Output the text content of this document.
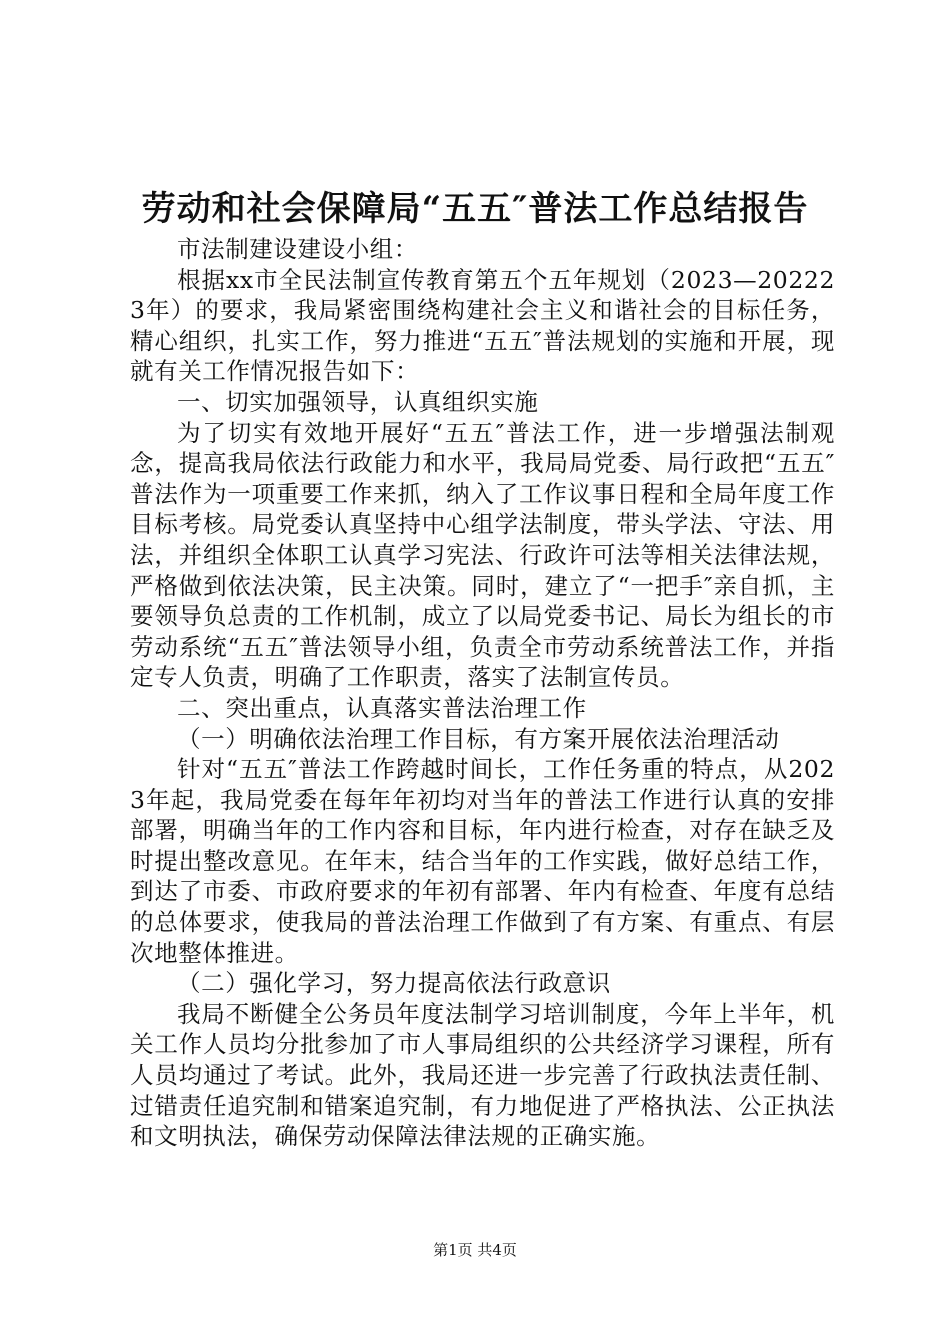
劳动和社会保障局“五五″普法工作总结报告

市法制建设建设小组：

根据xx市全民法制宣传教育第五个五年规划（2023—202223年）的要求，我局紧密围绕构建社会主义和谐社会的目标任务，精心组织，扎实工作，努力推进“五五″普法规划的实施和开展，现就有关工作情况报告如下：

一、切实加强领导，认真组织实施

为了切实有效地开展好“五五″普法工作，进一步增强法制观念，提高我局依法行政能力和水平，我局局党委、局行政把“五五″普法作为一项重要工作来抓，纳入了工作议事日程和全局年度工作目标考核。局党委认真坚持中心组学法制度，带头学法、守法、用法，并组织全体职工认真学习宪法、行政许可法等相关法律法规，严格做到依法决策，民主决策。同时，建立了“一把手″亲自抓，主要领导负总责的工作机制，成立了以局党委书记、局长为组长的市劳动系统“五五″普法领导小组，负责全市劳动系统普法工作，并指定专人负责，明确了工作职责，落实了法制宣传员。

二、突出重点，认真落实普法治理工作

（一）明确依法治理工作目标，有方案开展依法治理活动

针对“五五″普法工作跨越时间长，工作任务重的特点，从2023年起，我局党委在每年年初均对当年的普法工作进行认真的安排部署，明确当年的工作内容和目标，年内进行检查，对存在缺乏及时提出整改意见。在年末，结合当年的工作实践，做好总结工作，到达了市委、市政府要求的年初有部署、年内有检查、年度有总结的总体要求，使我局的普法治理工作做到了有方案、有重点、有层次地整体推进。

（二）强化学习，努力提高依法行政意识

我局不断健全公务员年度法制学习培训制度，今年上半年，机关工作人员均分批参加了市人事局组织的公共经济学习课程，所有人员均通过了考试。此外，我局还进一步完善了行政执法责任制、过错责任追究制和错案追究制，有力地促进了严格执法、公正执法和文明执法，确保劳动保障法律法规的正确实施。

第1页 共4页
